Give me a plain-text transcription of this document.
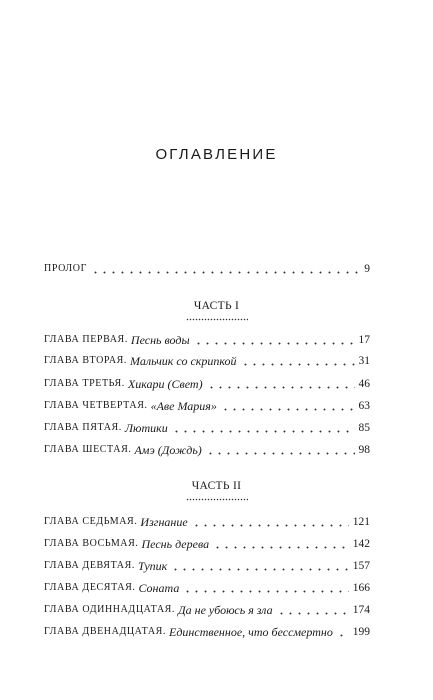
ОГЛАВЛЕНИЕ
ПРОЛОГ	9
ЧАСТЬ I
ГЛАВА ПЕРВАЯ. Песнь воды	17
ГЛАВА ВТОРАЯ. Мальчик со скрипкой	31
ГЛАВА ТРЕТЬЯ. Хикари (Свет)	46
ГЛАВА ЧЕТВЕРТАЯ. «Аве Мария»	63
ГЛАВА ПЯТАЯ. Лютики	85
ГЛАВА ШЕСТАЯ. Амэ (Дождь)	98
ЧАСТЬ II
ГЛАВА СЕДЬМАЯ. Изгнание	121
ГЛАВА ВОСЬМАЯ. Песнь дерева	142
ГЛАВА ДЕВЯТАЯ. Тупик	157
ГЛАВА ДЕСЯТАЯ. Соната	166
ГЛАВА ОДИННАДЦАТАЯ. Да не убоюсь я зла	174
ГЛАВА ДВЕНАДЦАТАЯ. Единственное, что бессмертно 199
